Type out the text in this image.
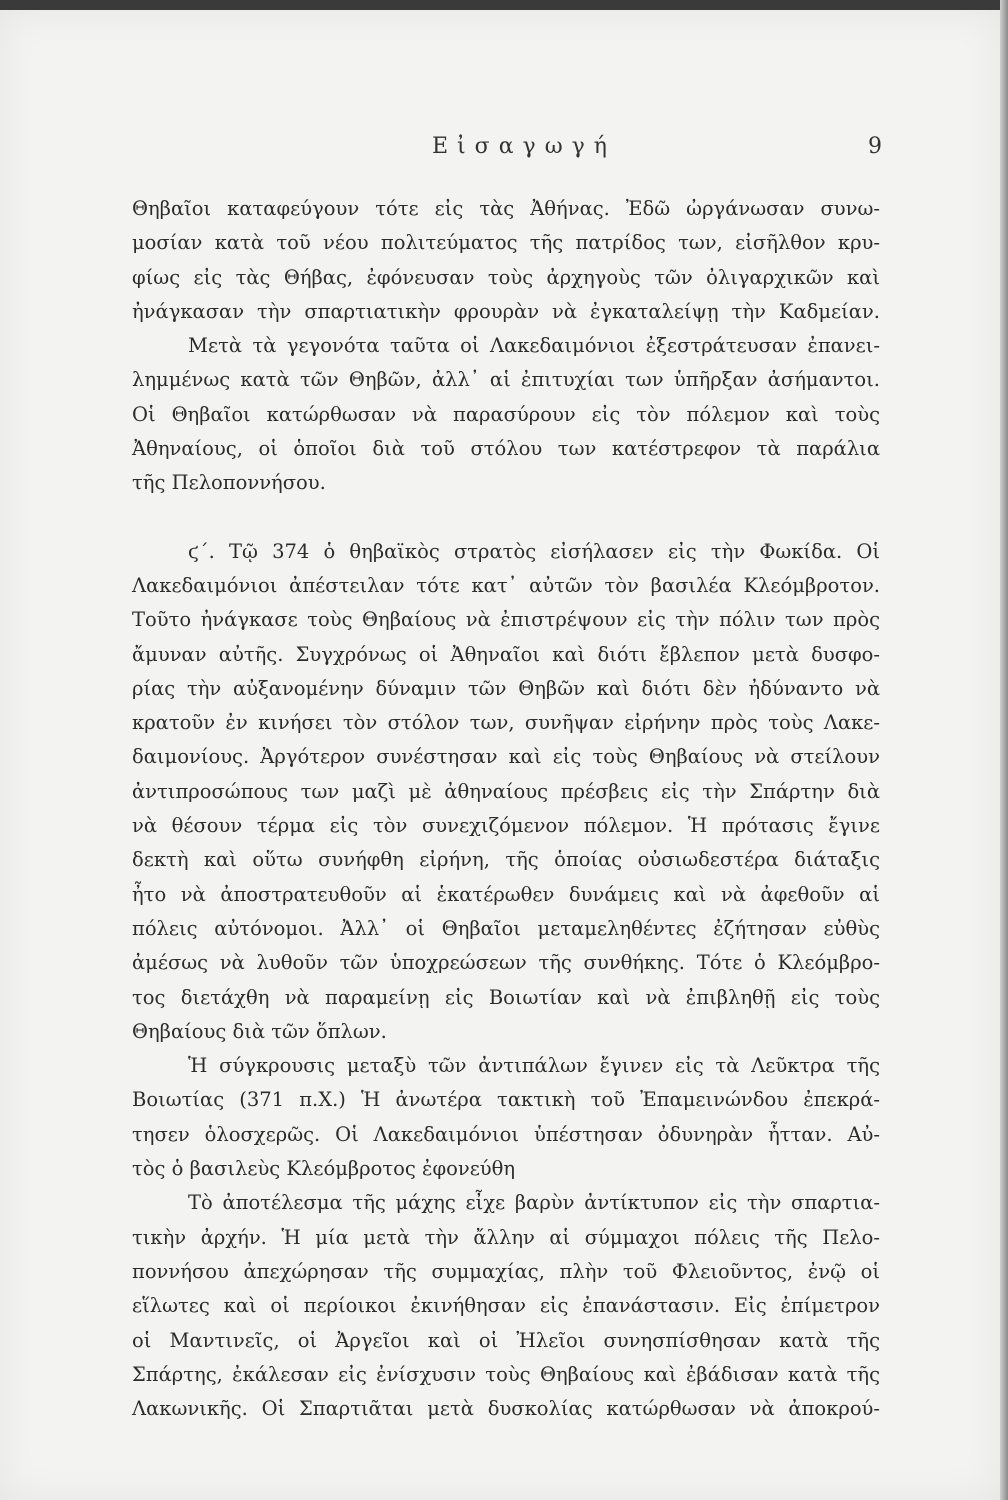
Εἰσαγωγή	9
Θηβαῖοι καταφεύγουν τότε εἰς τὰς Ἀθήνας. Ἐδῶ ὠργάνωσαν συνω-
μοσίαν κατὰ τοῦ νέου πολιτεύματος τῆς πατρίδος των, εἰσῆλθον κρυ-
φίως εἰς τὰς Θήβας, ἐφόνευσαν τοὺς ἀρχηγοὺς τῶν ὀλιγαρχικῶν καὶ
ἠνάγκασαν τὴν σπαρτιατικὴν φρουρὰν νὰ ἐγκαταλείψῃ τὴν Καδμείαν.
Μετὰ τὰ γεγονότα ταῦτα οἱ Λακεδαιμόνιοι ἐξεστράτευσαν ἐπανει-
λημμένως κατὰ τῶν Θηβῶν, ἀλλ᾽ αἱ ἐπιτυχίαι των ὑπῆρξαν ἀσήμαντοι.
Οἱ Θηβαῖοι κατώρθωσαν νὰ παρασύρουν εἰς τὸν πόλεμον καὶ τοὺς
Ἀθηναίους, οἱ ὁποῖοι διὰ τοῦ στόλου των κατέστρεφον τὰ παράλια
τῆς Πελοποννήσου.
ϛ΄. Τῷ 374 ὁ θηβαϊκὸς στρατὸς εἰσήλασεν εἰς τὴν Φωκίδα. Οἱ
Λακεδαιμόνιοι ἀπέστειλαν τότε κατ᾽ αὐτῶν τὸν βασιλέα Κλεόμβροτον.
Τοῦτο ἠνάγκασε τοὺς Θηβαίους νὰ ἐπιστρέψουν εἰς τὴν πόλιν των πρὸς
ἄμυναν αὐτῆς. Συγχρόνως οἱ Ἀθηναῖοι καὶ διότι ἔβλεπον μετὰ δυσφο-
ρίας τὴν αὐξανομένην δύναμιν τῶν Θηβῶν καὶ διότι δὲν ἠδύναντο νὰ
κρατοῦν ἐν κινήσει τὸν στόλον των, συνῆψαν εἰρήνην πρὸς τοὺς Λακε-
δαιμονίους. Ἀργότερον συνέστησαν καὶ εἰς τοὺς Θηβαίους νὰ στείλουν
ἀντιπροσώπους των μαζὶ μὲ ἀθηναίους πρέσβεις εἰς τὴν Σπάρτην διὰ
νὰ θέσουν τέρμα εἰς τὸν συνεχιζόμενον πόλεμον. Ἡ πρότασις ἔγινε
δεκτὴ καὶ οὕτω συνήφθη εἰρήνη, τῆς ὁποίας οὐσιωδεστέρα διάταξις
ἦτο νὰ ἀποστρατευθοῦν αἱ ἑκατέρωθεν δυνάμεις καὶ νὰ ἀφεθοῦν αἱ
πόλεις αὐτόνομοι. Ἀλλ᾽ οἱ Θηβαῖοι μεταμεληθέντες ἐζήτησαν εὐθὺς
ἀμέσως νὰ λυθοῦν τῶν ὑποχρεώσεων τῆς συνθήκης. Τότε ὁ Κλεόμβρο-
τος διετάχθη νὰ παραμείνῃ εἰς Βοιωτίαν καὶ νὰ ἐπιβληθῇ εἰς τοὺς
Θηβαίους διὰ τῶν ὅπλων.
Ἡ σύγκρουσις μεταξὺ τῶν ἀντιπάλων ἔγινεν εἰς τὰ Λεῦκτρα τῆς
Βοιωτίας (371 π.Χ.) Ἡ ἀνωτέρα τακτικὴ τοῦ Ἐπαμεινώνδου ἐπεκρά-
τησεν ὁλοσχερῶς. Οἱ Λακεδαιμόνιοι ὑπέστησαν ὀδυνηρὰν ἧτταν. Αὐ-
τὸς ὁ βασιλεὺς Κλεόμβροτος ἐφονεύθη
Τὸ ἀποτέλεσμα τῆς μάχης εἶχε βαρὺν ἀντίκτυπον εἰς τὴν σπαρτια-
τικὴν ἀρχήν. Ἡ μία μετὰ τὴν ἄλλην αἱ σύμμαχοι πόλεις τῆς Πελο-
ποννήσου ἀπεχώρησαν τῆς συμμαχίας, πλὴν τοῦ Φλειοῦντος, ἐνῷ οἱ
εἵλωτες καὶ οἱ περίοικοι ἐκινήθησαν εἰς ἐπανάστασιν. Εἰς ἐπίμετρον
οἱ Μαντινεῖς, οἱ Ἀργεῖοι καὶ οἱ Ἠλεῖοι συνησπίσθησαν κατὰ τῆς
Σπάρτης, ἐκάλεσαν εἰς ἐνίσχυσιν τοὺς Θηβαίους καὶ ἐβάδισαν κατὰ τῆς
Λακωνικῆς. Οἱ Σπαρτιᾶται μετὰ δυσκολίας κατώρθωσαν νὰ ἀποκρού-
